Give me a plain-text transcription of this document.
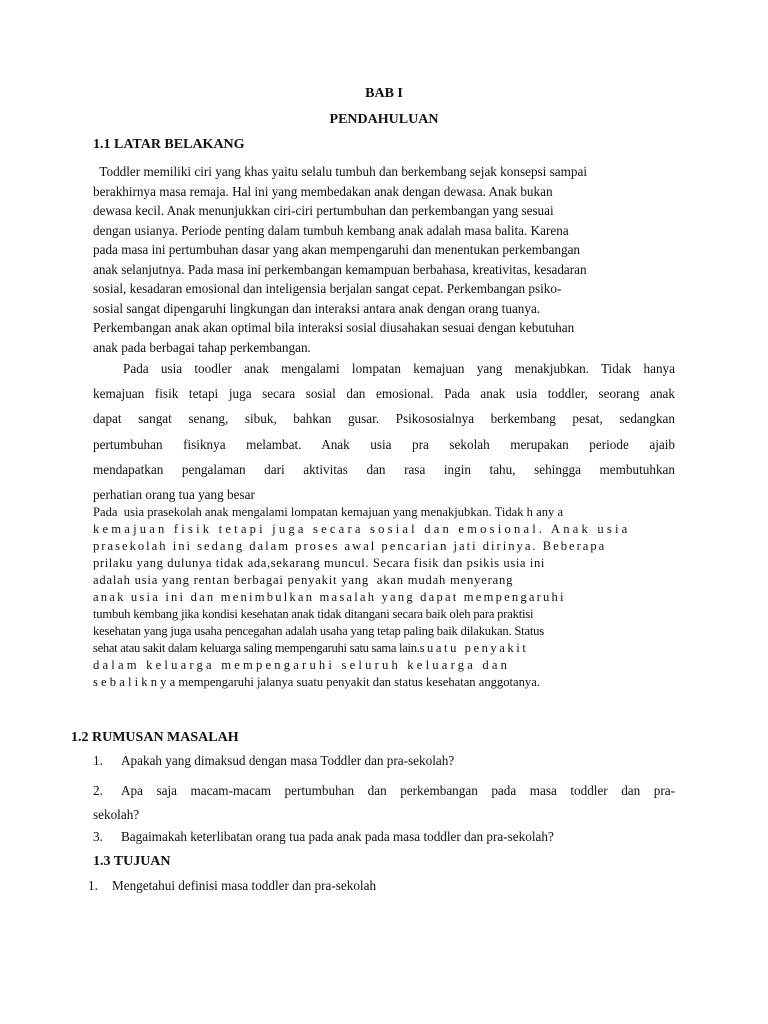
BAB I
PENDAHULUAN
1.1 LATAR BELAKANG
Toddler memiliki ciri yang khas yaitu selalu tumbuh dan berkembang sejak konsepsi sampai
berakhirnya masa remaja. Hal ini yang membedakan anak dengan dewasa. Anak bukan
dewasa kecil. Anak menunjukkan ciri-ciri pertumbuhan dan perkembangan yang sesuai
dengan usianya. Periode penting dalam tumbuh kembang anak adalah masa balita. Karena
pada masa ini pertumbuhan dasar yang akan mempengaruhi dan menentukan perkembangan
anak selanjutnya. Pada masa ini perkembangan kemampuan berbahasa, kreativitas, kesadaran
sosial, kesadaran emosional dan inteligensia berjalan sangat cepat. Perkembangan psiko-
sosial sangat dipengaruhi lingkungan dan interaksi antara anak dengan orang tuanya.
Perkembangan anak akan optimal bila interaksi sosial diusahakan sesuai dengan kebutuhan
anak pada berbagai tahap perkembangan.
Pada usia toodler anak mengalami lompatan kemajuan yang menakjubkan. Tidak hanya
kemajuan fisik tetapi juga secara sosial dan emosional. Pada anak usia toddler, seorang anak
dapat sangat senang, sibuk, bahkan gusar. Psikososialnya berkembang pesat, sedangkan
pertumbuhan fisiknya melambat. Anak usia pra sekolah merupakan periode ajaib
mendapatkan pengalaman dari aktivitas dan rasa ingin tahu, sehingga membutuhkan
perhatian orang tua yang besar
Pada  usia prasekolah anak mengalami lompatan kemajuan yang menakjubkan. Tidak h any a
kemajuan fisik tetapi juga secara sosial dan emosional. Anak usia
prasekolah ini sedang dalam proses awal pencarian jati dirinya. Beberapa
prilaku yang dulunya tidak ada,sekarang muncul. Secara fisik dan psikis usia ini
adalah usia yang rentan berbagai penyakit yang  akan mudah menyerang
anak usia ini dan menimbulkan masalah yang dapat mempengaruhi
tumbuh kembang jika kondisi kesehatan anak tidak ditangani secara baik oleh para praktisi
kesehatan yang juga usaha pencegahan adalah usaha yang tetap paling baik dilakukan. Status
sehat atau sakit dalam keluarga saling mempengaruhi satu sama lain.s u a t u   p e n y a k i t
dalam keluarga mempengaruhi seluruh keluarga dan
s e b a l i k n y a mempengaruhi jalanya suatu penyakit dan status kesehatan anggotanya.
1.2 RUMUSAN MASALAH
1. Apakah yang dimaksud dengan masa Toddler dan pra-sekolah?
2. Apa saja macam-macam pertumbuhan dan perkembangan pada masa toddler dan pra-
sekolah?
3. Bagaimakah keterlibatan orang tua pada anak pada masa toddler dan pra-sekolah?
1.3 TUJUAN
1. Mengetahui definisi masa toddler dan pra-sekolah
